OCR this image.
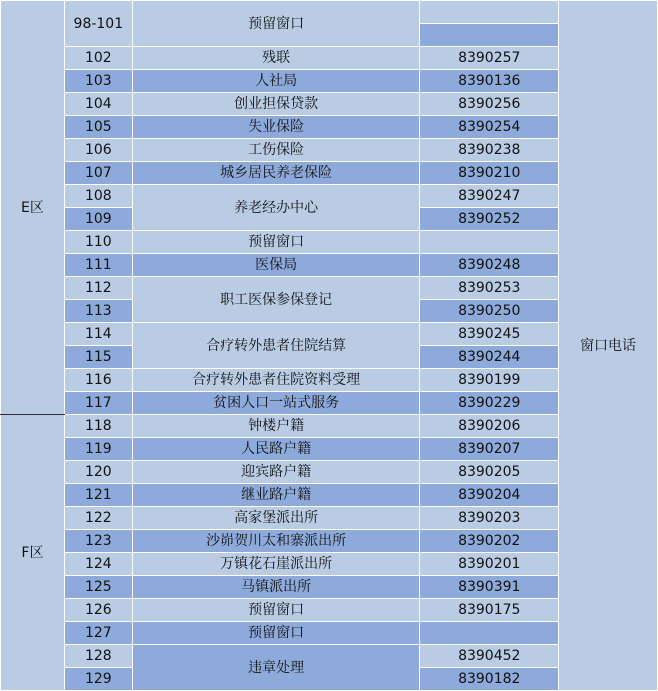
E区	98-101	预留窗口		窗口电话

	102	残联	8390257	
	103	人社局	8390136	
	104	创业担保贷款	8390256	
	105	失业保险	8390254	
	106	工伤保险	8390238	
	107	城乡居民养老保险	8390210	
	108	养老经办中心	8390247	
	109		8390252	
	110	预留窗口		
	111	医保局	8390248	
	112	职工医保参保登记	8390253	
	113		8390250	
	114	合疗转外患者住院结算	8390245	
	115		8390244	
	116	合疗转外患者住院资料受理	8390199	
	117	贫困人口一站式服务	8390229	
F区	118	钟楼户籍	8390206	
	119	人民路户籍	8390207	
	120	迎宾路户籍	8390205	
	121	继业路户籍	8390204	
	122	高家堡派出所	8390203	
	123	沙峁贺川太和寨派出所	8390202	
	124	万镇花石崖派出所	8390201	
	125	马镇派出所	8390391	
	126	预留窗口	8390175	
	127	预留窗口		
	128	违章处理	8390452	
	129		8390182	
